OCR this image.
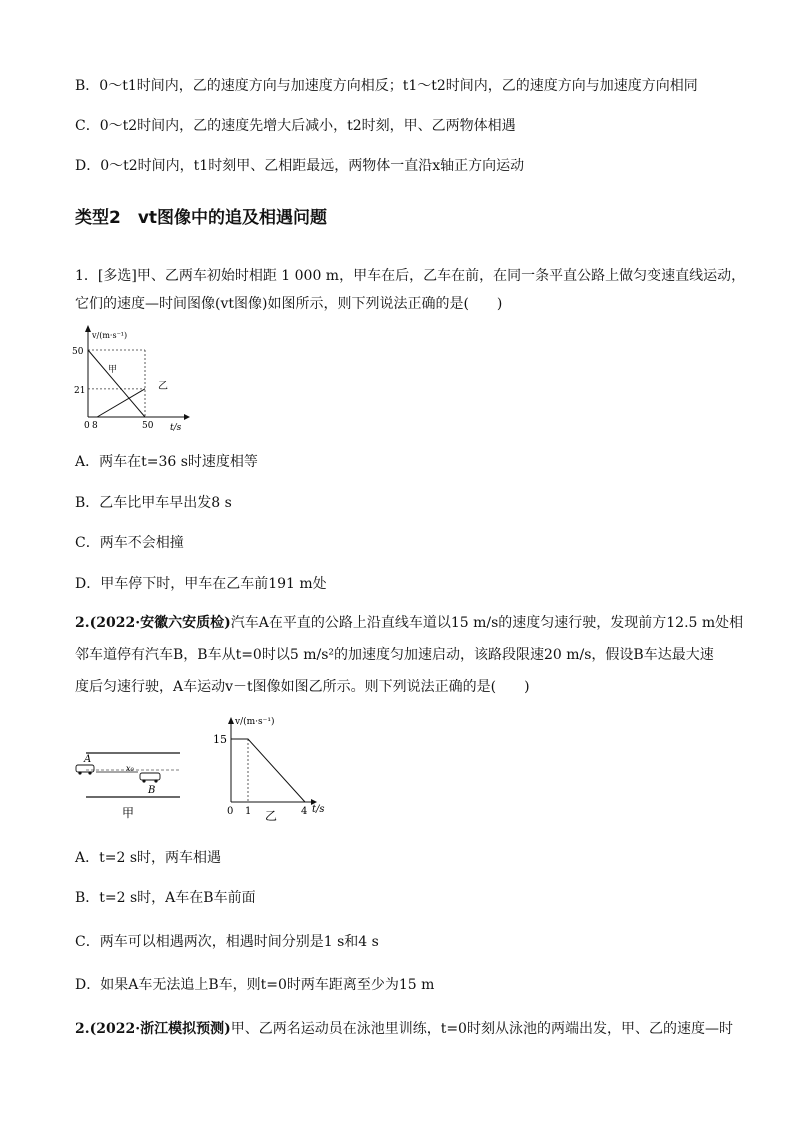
B．0～t1时间内，乙的速度方向与加速度方向相反；t1～t2时间内，乙的速度方向与加速度方向相同
C．0～t2时间内，乙的速度先增大后减小，t2时刻，甲、乙两物体相遇
D．0～t2时间内，t1时刻甲、乙相距最远，两物体一直沿x轴正方向运动
类型2　vt图像中的追及相遇问题
1．[多选]甲、乙两车初始时相距 1 000 m，甲车在后，乙车在前，在同一条平直公路上做匀变速直线运动，
它们的速度—时间图像(vt图像)如图所示，则下列说法正确的是(　　)
v/(m·s⁻¹)
t/s
50
21
0 8	50
甲
乙
A．两车在t=36 s时速度相等
B．乙车比甲车早出发8 s
C．两车不会相撞
D．甲车停下时，甲车在乙车前191 m处
2.(2022·安徽六安质检)汽车A在平直的公路上沿直线车道以15 m/s的速度匀速行驶，发现前方12.5 m处相
邻车道停有汽车B，B车从t=0时以5 m/s²的加速度匀加速启动，该路段限速20 m/s，假设B车达最大速
度后匀速行驶，A车运动v－t图像如图乙所示。则下列说法正确的是(　　)
A
x₀
B
甲
v/(m·s⁻¹)
15
0 1	4 t/s
乙
A．t=2 s时，两车相遇
B．t=2 s时，A车在B车前面
C．两车可以相遇两次，相遇时间分别是1 s和4 s
D．如果A车无法追上B车，则t=0时两车距离至少为15 m
2.(2022·浙江模拟预测)甲、乙两名运动员在泳池里训练，t=0时刻从泳池的两端出发，甲、乙的速度—时
